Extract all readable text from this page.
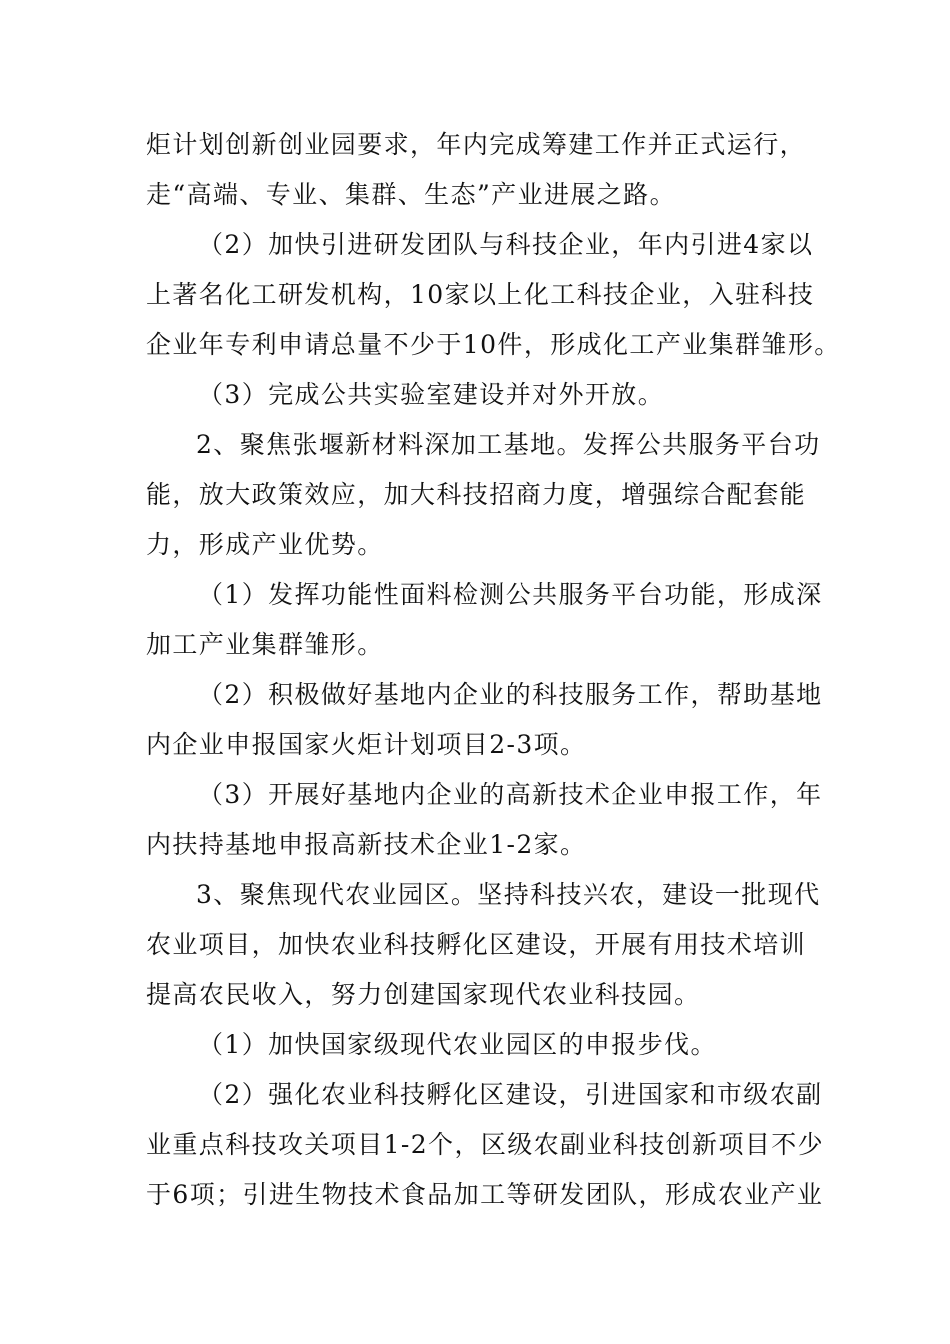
炬计划创新创业园要求，年内完成筹建工作并正式运行，
走“高端、专业、集群、生态”产业进展之路。
（2）加快引进研发团队与科技企业，年内引进4家以
上著名化工研发机构，10家以上化工科技企业，入驻科技
企业年专利申请总量不少于10件，形成化工产业集群雏形。
（3）完成公共实验室建设并对外开放。
2、聚焦张堰新材料深加工基地。发挥公共服务平台功
能，放大政策效应，加大科技招商力度，增强综合配套能
力，形成产业优势。
（1）发挥功能性面料检测公共服务平台功能，形成深
加工产业集群雏形。
（2）积极做好基地内企业的科技服务工作，帮助基地
内企业申报国家火炬计划项目2-3项。
（3）开展好基地内企业的高新技术企业申报工作，年
内扶持基地申报高新技术企业1-2家。
3、聚焦现代农业园区。坚持科技兴农，建设一批现代
农业项目，加快农业科技孵化区建设，开展有用技术培训
提高农民收入，努力创建国家现代农业科技园。
（1）加快国家级现代农业园区的申报步伐。
（2）强化农业科技孵化区建设，引进国家和市级农副
业重点科技攻关项目1-2个，区级农副业科技创新项目不少
于6项；引进生物技术食品加工等研发团队，形成农业产业
